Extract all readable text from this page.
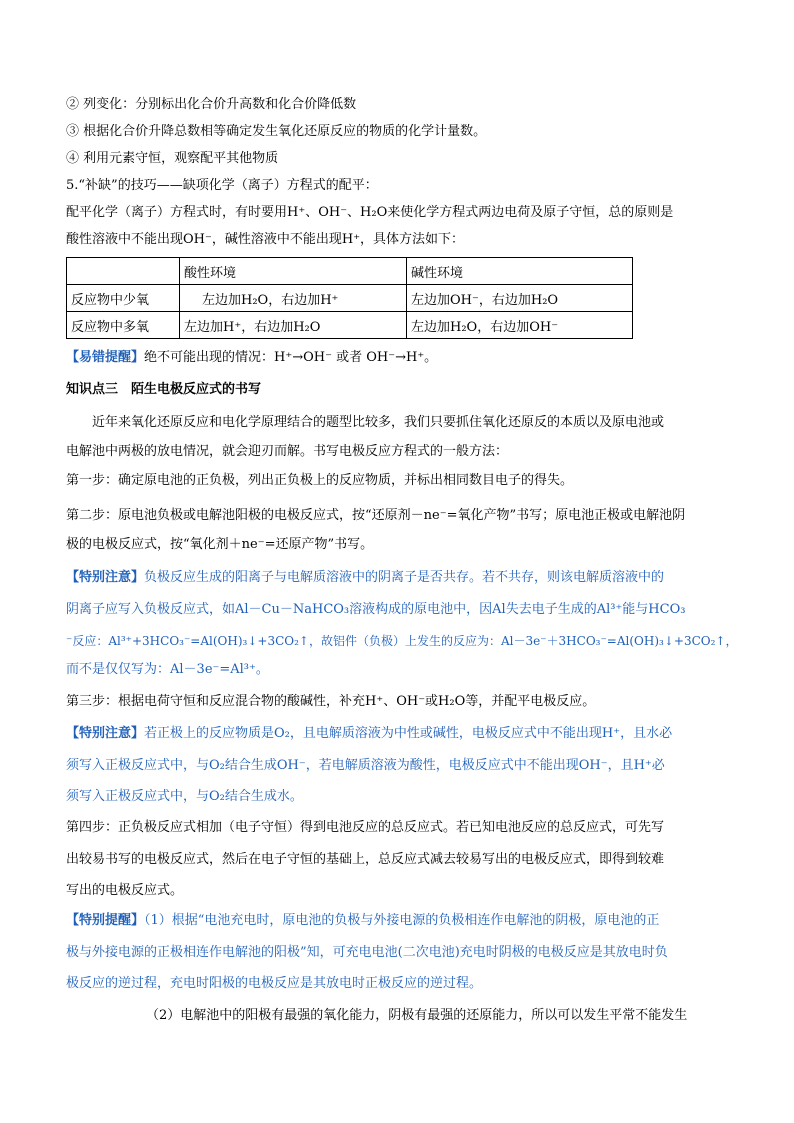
② 列变化：分别标出化合价升高数和化合价降低数
③ 根据化合价升降总数相等确定发生氧化还原反应的物质的化学计量数。
④ 利用元素守恒，观察配平其他物质
5.“补缺”的技巧——缺项化学（离子）方程式的配平：
配平化学（离子）方程式时，有时要用H⁺、OH⁻、H₂O来使化学方程式两边电荷及原子守恒，总的原则是
酸性溶液中不能出现OH⁻，碱性溶液中不能出现H⁺，具体方法如下：
	酸性环境	碱性环境
反应物中少氧	左边加H₂O，右边加H⁺	左边加OH⁻，右边加H₂O
反应物中多氧	左边加H⁺，右边加H₂O	左边加H₂O，右边加OH⁻
【易错提醒】绝不可能出现的情况：H⁺→OH⁻ 或者 OH⁻→H⁺。
知识点三　陌生电极反应式的书写
近年来氧化还原反应和电化学原理结合的题型比较多，我们只要抓住氧化还原反的本质以及原电池或
电解池中两极的放电情况，就会迎刃而解。书写电极反应方程式的一般方法：
第一步：确定原电池的正负极，列出正负极上的反应物质，并标出相同数目电子的得失。
第二步：原电池负极或电解池阳极的电极反应式，按“还原剂－ne⁻=氧化产物”书写；原电池正极或电解池阴
极的电极反应式，按“氧化剂＋ne⁻=还原产物”书写。
【特别注意】负极反应生成的阳离子与电解质溶液中的阴离子是否共存。若不共存，则该电解质溶液中的
阴离子应写入负极反应式，如Al－Cu－NaHCO₃溶液构成的原电池中，因Al失去电子生成的Al³⁺能与HCO₃
⁻反应：Al³⁺+3HCO₃⁻=Al(OH)₃↓+3CO₂↑，故铝件（负极）上发生的反应为：Al－3e⁻＋3HCO₃⁻=Al(OH)₃↓+3CO₂↑，
而不是仅仅写为：Al－3e⁻=Al³⁺。
第三步：根据电荷守恒和反应混合物的酸碱性，补充H⁺、OH⁻或H₂O等，并配平电极反应。
【特别注意】若正极上的反应物质是O₂，且电解质溶液为中性或碱性，电极反应式中不能出现H⁺，且水必
须写入正极反应式中，与O₂结合生成OH⁻，若电解质溶液为酸性，电极反应式中不能出现OH⁻，且H⁺必
须写入正极反应式中，与O₂结合生成水。
第四步：正负极反应式相加（电子守恒）得到电池反应的总反应式。若已知电池反应的总反应式，可先写
出较易书写的电极反应式，然后在电子守恒的基础上，总反应式减去较易写出的电极反应式，即得到较难
写出的电极反应式。
【特别提醒】（1）根据“电池充电时，原电池的负极与外接电源的负极相连作电解池的阴极，原电池的正
极与外接电源的正极相连作电解池的阳极”知，可充电电池(二次电池)充电时阴极的电极反应是其放电时负
极反应的逆过程，充电时阳极的电极反应是其放电时正极反应的逆过程。
（2）电解池中的阳极有最强的氧化能力，阴极有最强的还原能力，所以可以发生平常不能发生
